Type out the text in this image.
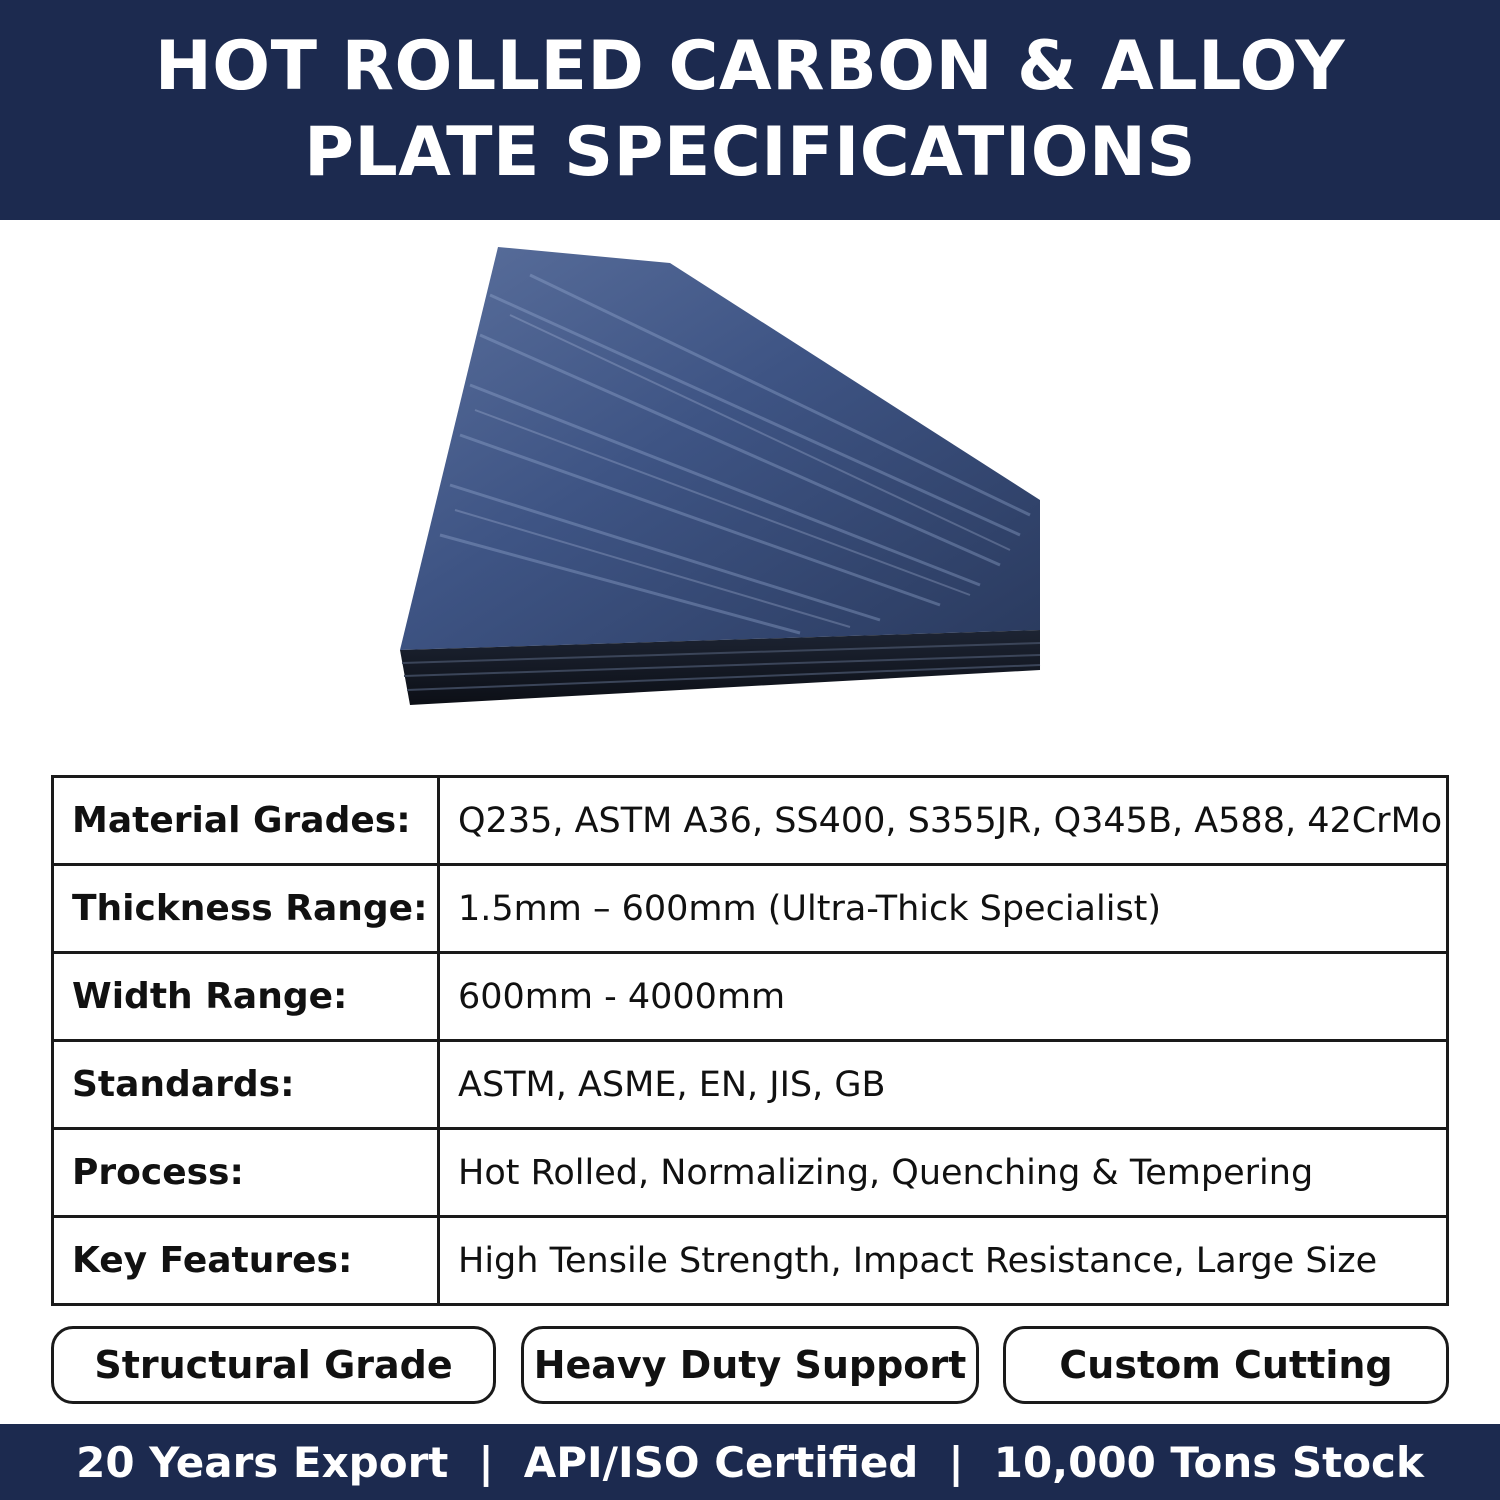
HOT ROLLED CARBON & ALLOY
PLATE SPECIFICATIONS
Material Grades:	Q235, ASTM A36, SS400, S355JR, Q345B, A588, 42CrMo
Thickness Range:	1.5mm – 600mm (Ultra-Thick Specialist)
Width Range:	600mm - 4000mm
Standards:	ASTM, ASME, EN, JIS, GB
Process:	Hot Rolled, Normalizing, Quenching & Tempering
Key Features:	High Tensile Strength, Impact Resistance, Large Size
Structural Grade	Heavy Duty Support	Custom Cutting
20 Years Export | API/ISO Certified | 10,000 Tons Stock
